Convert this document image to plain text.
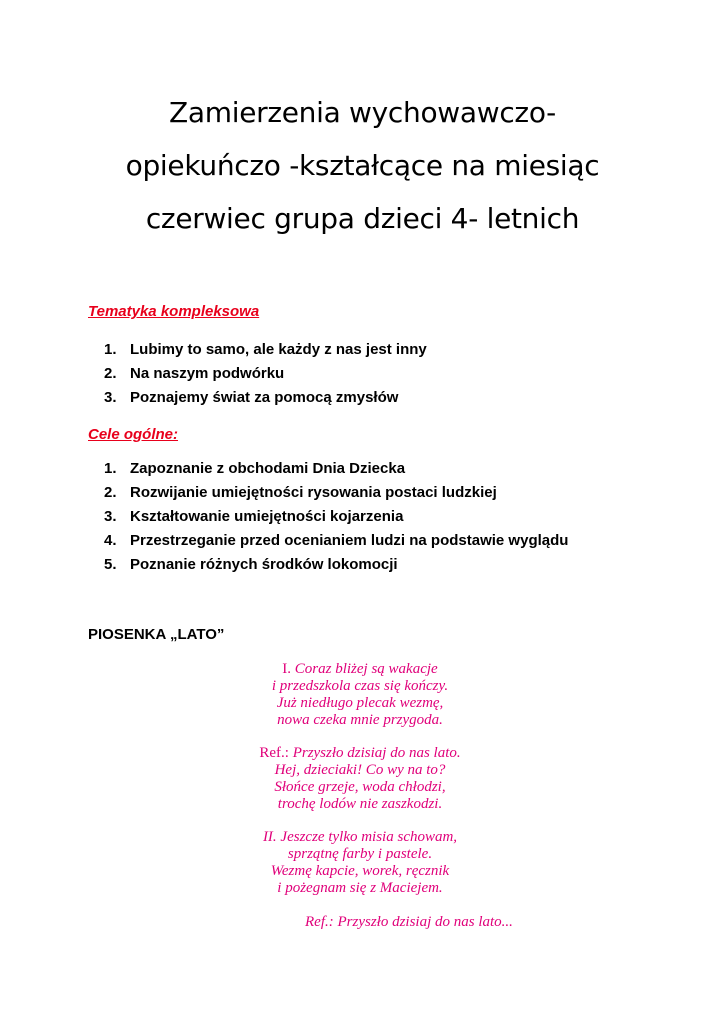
Zamierzenia wychowawczo-
opiekuńczo -kształcące na miesiąc
czerwiec grupa dzieci 4- letnich
Tematyka kompleksowa
1. Lubimy to samo, ale każdy z nas jest inny
2. Na naszym podwórku
3. Poznajemy świat za pomocą zmysłów
Cele ogólne:
1. Zapoznanie z obchodami Dnia Dziecka
2. Rozwijanie umiejętności rysowania postaci ludzkiej
3. Kształtowanie umiejętności kojarzenia
4. Przestrzeganie przed ocenianiem ludzi na podstawie wyglądu
5. Poznanie różnych środków lokomocji
PIOSENKA „LATO”
I. Coraz bliżej są wakacje
i przedszkola czas się kończy.
Już niedługo plecak wezmę,
nowa czeka mnie przygoda.
Ref.: Przyszło dzisiaj do nas lato.
Hej, dzieciaki! Co wy na to?
Słońce grzeje, woda chłodzi,
trochę lodów nie zaszkodzi.
II. Jeszcze tylko misia schowam,
sprzątnę farby i pastele.
Wezmę kapcie, worek, ręcznik
i pożegnam się z Maciejem.
Ref.: Przyszło dzisiaj do nas lato...
